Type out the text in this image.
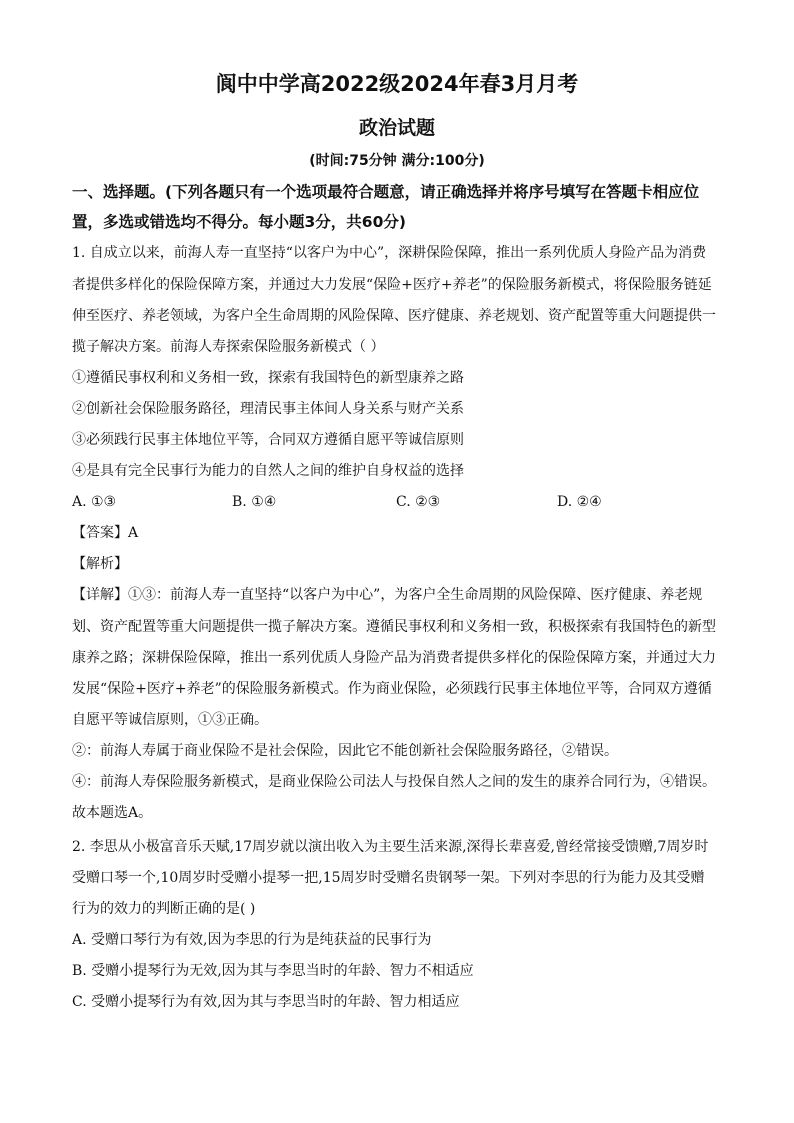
阆中中学高2022级2024年春3月月考
政治试题
(时间:75分钟 满分:100分)
一、选择题。(下列各题只有一个选项最符合题意，请正确选择并将序号填写在答题卡相应位
置，多选或错选均不得分。每小题3分，共60分)
1. 自成立以来，前海人寿一直坚持“以客户为中心”，深耕保险保障，推出一系列优质人身险产品为消费
者提供多样化的保险保障方案，并通过大力发展“保险+医疗+养老”的保险服务新模式，将保险服务链延
伸至医疗、养老领域，为客户全生命周期的风险保障、医疗健康、养老规划、资产配置等重大问题提供一
揽子解决方案。前海人寿探索保险服务新模式（ ）
①遵循民事权利和义务相一致，探索有我国特色的新型康养之路
②创新社会保险服务路径，理清民事主体间人身关系与财产关系
③必须践行民事主体地位平等，合同双方遵循自愿平等诚信原则
④是具有完全民事行为能力的自然人之间的维护自身权益的选择
A. ①③	B. ①④	C. ②③	D. ②④
【答案】A
【解析】
【详解】①③：前海人寿一直坚持“以客户为中心”，为客户全生命周期的风险保障、医疗健康、养老规
划、资产配置等重大问题提供一揽子解决方案。遵循民事权利和义务相一致，积极探索有我国特色的新型
康养之路；深耕保险保障，推出一系列优质人身险产品为消费者提供多样化的保险保障方案，并通过大力
发展“保险+医疗+养老”的保险服务新模式。作为商业保险，必须践行民事主体地位平等，合同双方遵循
自愿平等诚信原则，①③正确。
②：前海人寿属于商业保险不是社会保险，因此它不能创新社会保险服务路径，②错误。
④：前海人寿保险服务新模式，是商业保险公司法人与投保自然人之间的发生的康养合同行为，④错误。
故本题选A。
2. 李思从小极富音乐天赋,17周岁就以演出收入为主要生活来源,深得长辈喜爱,曾经常接受馈赠,7周岁时
受赠口琴一个,10周岁时受赠小提琴一把,15周岁时受赠名贵钢琴一架。下列对李思的行为能力及其受赠
行为的效力的判断正确的是( )
A. 受赠口琴行为有效,因为李思的行为是纯获益的民事行为
B. 受赠小提琴行为无效,因为其与李思当时的年龄、智力不相适应
C. 受赠小提琴行为有效,因为其与李思当时的年龄、智力相适应
